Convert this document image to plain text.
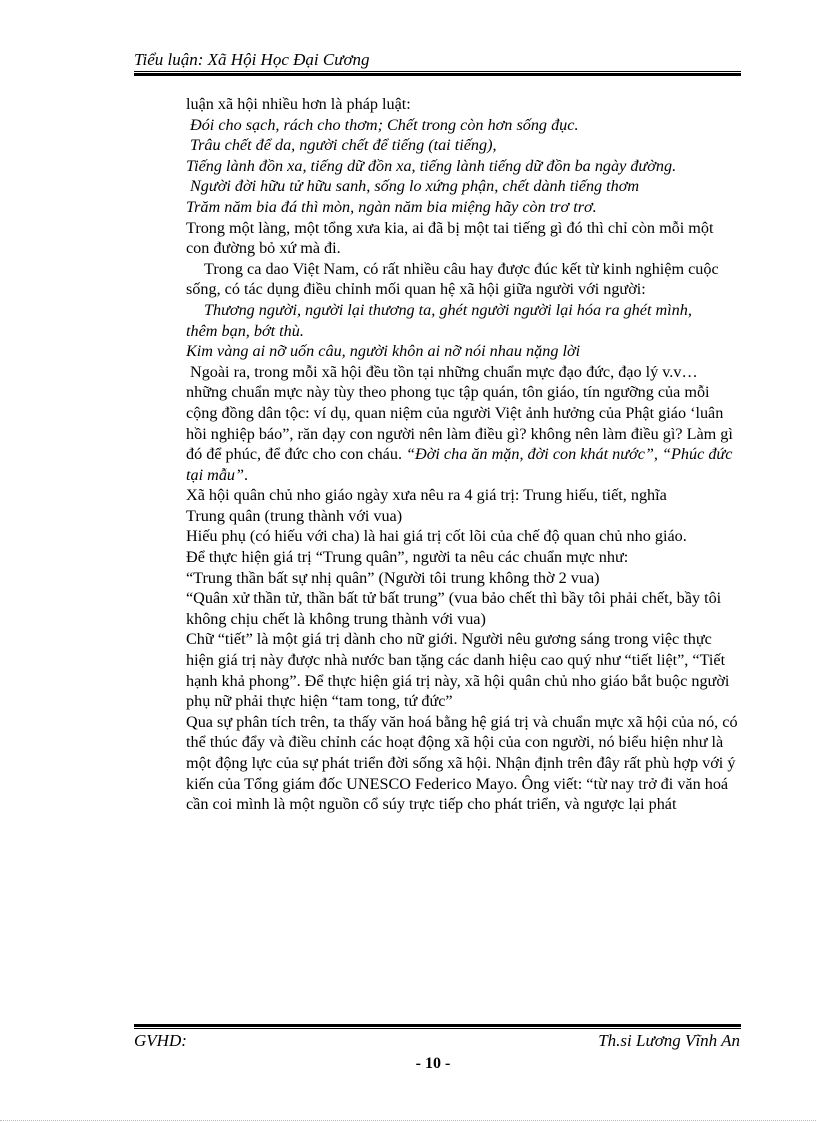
Tiểu luận: Xã Hội Học Đại Cương

luận xã hội nhiều hơn là pháp luật:

Đói cho sạch, rách cho thơm; Chết trong còn hơn sống đục.

Trâu chết để da, người chết để tiếng (tai tiếng),

Tiếng lành đồn xa, tiếng dữ đồn xa, tiếng lành tiếng dữ đồn ba ngày đường.

Người đời hữu tử hữu sanh, sống lo xứng phận, chết dành tiếng thơm

Trăm năm bia đá thì mòn, ngàn năm bia miệng hãy còn trơ trơ.

Trong một làng, một tổng xưa kia, ai đã bị một tai tiếng gì đó thì chỉ còn mỗi một con đường bỏ xứ mà đi.

Trong ca dao Việt Nam, có rất nhiều câu hay được đúc kết từ kinh nghiệm cuộc sống, có tác dụng điều chỉnh mối quan hệ xã hội giữa người với người:

Thương người, người lại thương ta, ghét người người lại hóa ra ghét mình,

thêm bạn, bớt thù.

Kim vàng ai nỡ uốn câu, người khôn ai nỡ nói nhau nặng lời

Ngoài ra, trong mỗi xã hội đều tồn tại những chuẩn mực đạo đức, đạo lý v.v…những chuẩn mực này tùy theo phong tục tập quán, tôn giáo, tín ngưỡng của mỗi cộng đồng dân tộc: ví dụ, quan niệm của người Việt ảnh hưởng của Phật giáo ‘luân hồi nghiệp báo”, răn dạy con người nên làm điều gì? không nên làm điều gì? Làm gì đó để phúc, để đức cho con cháu. “Đời cha ăn mặn, đời con khát nước”, “Phúc đức tại mẫu”.

Xã hội quân chủ nho giáo ngày xưa nêu ra 4 giá trị: Trung hiếu, tiết, nghĩa

Trung quân (trung thành với vua)

Hiếu phụ (có hiếu với cha) là hai giá trị cốt lõi của chế độ quan chủ nho giáo.

Để thực hiện giá trị “Trung quân”, người ta nêu các chuẩn mực như:

“Trung thần bất sự nhị quân” (Người tôi trung không thờ 2 vua)

“Quân xử thần tử, thần bất tử bất trung” (vua bảo chết thì bầy tôi phải chết, bầy tôi không chịu chết là không trung thành với vua)

Chữ “tiết” là một giá trị dành cho nữ giới. Người nêu gương sáng trong việc thực hiện giá trị này được nhà nước ban tặng các danh hiệu cao quý như “tiết liệt”, “Tiết hạnh khả phong”. Để thực hiện giá trị này, xã hội quân chủ nho giáo bắt buộc người phụ nữ phải thực hiện “tam tong, tứ đức”

Qua sự phân tích trên, ta thấy văn hoá bằng hệ giá trị và chuẩn mực xã hội của nó, có thể thúc đẩy và điều chỉnh các hoạt động xã hội của con người, nó biểu hiện như là một động lực của sự phát triển đời sống xã hội. Nhận định trên đây rất phù hợp với ý kiến của Tổng giám đốc UNESCO Federico Mayo. Ông viết: “từ nay trở đi văn hoá cần coi mình là một nguồn cổ súy trực tiếp cho phát triển, và ngược lại phát

GVHD:	Th.si Lương Vĩnh An
- 10 -
